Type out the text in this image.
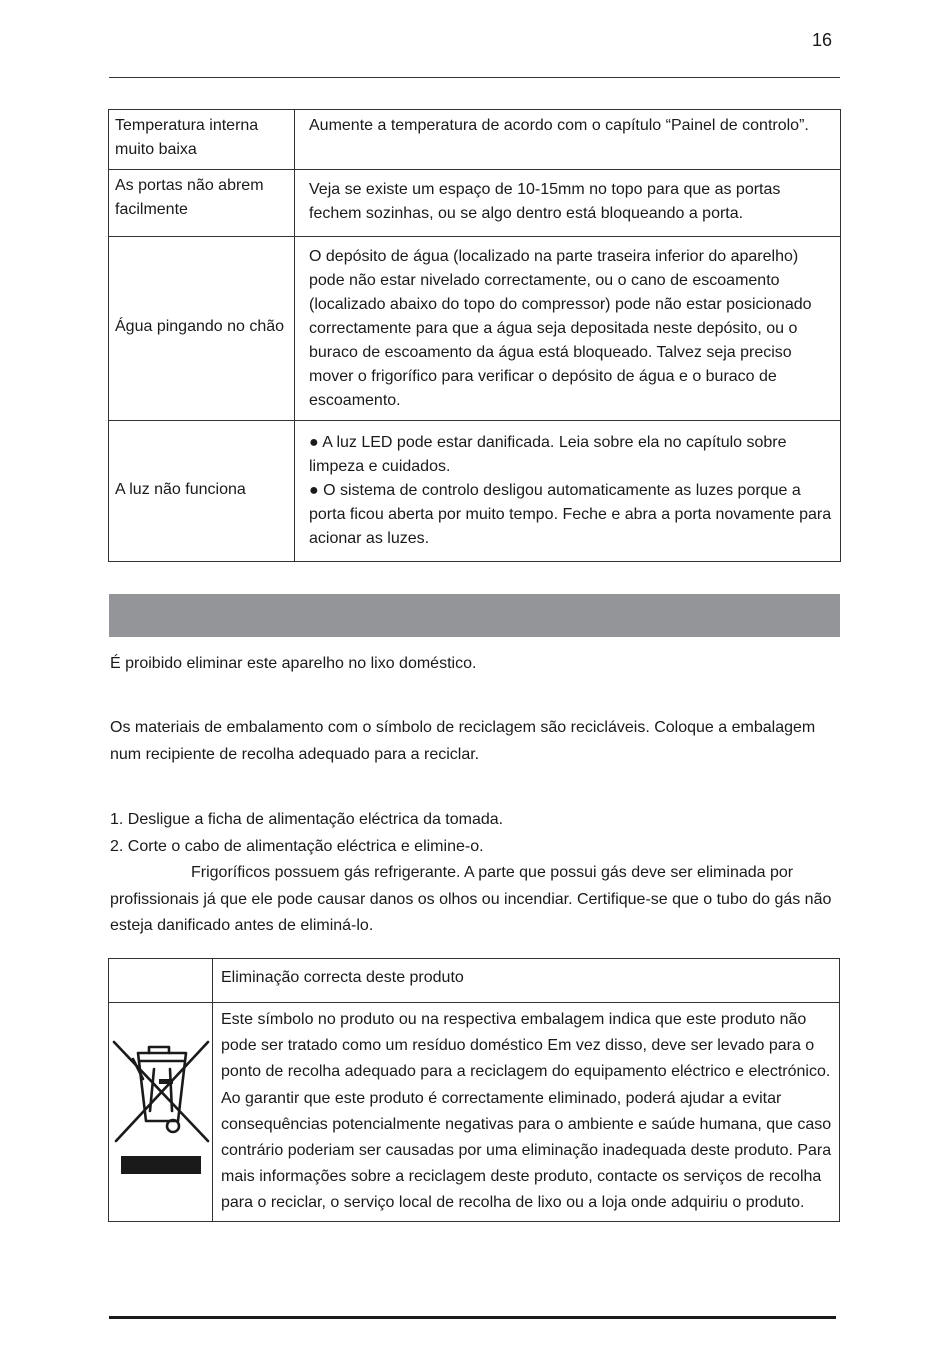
16
Temperatura interna muito baixa	Aumente a temperatura de acordo com o capítulo “Painel de controlo”.
As portas não abrem facilmente	Veja se existe um espaço de 10-15mm no topo para que as portas fechem sozinhas, ou se algo dentro está bloqueando a porta.
Água pingando no chão	O depósito de água (localizado na parte traseira inferior do aparelho) pode não estar nivelado correctamente, ou o cano de escoamento (localizado abaixo do topo do compressor) pode não estar posicionado correctamente para que a água seja depositada neste depósito, ou o buraco de escoamento da água está bloqueado. Talvez seja preciso mover o frigorífico para verificar o depósito de água e o buraco de escoamento.
A luz não funciona	● A luz LED pode estar danificada. Leia sobre ela no capítulo sobre limpeza e cuidados.
● O sistema de controlo desligou automaticamente as luzes porque a porta ficou aberta por muito tempo. Feche e abra a porta novamente para acionar as luzes.

É proibido eliminar este aparelho no lixo doméstico.

Os materiais de embalamento com o símbolo de reciclagem são recicláveis. Coloque a embalagem num recipiente de recolha adequado para a reciclar.

1. Desligue a ficha de alimentação eléctrica da tomada.
2. Corte o cabo de alimentação eléctrica e elimine-o.

Frigoríficos possuem gás refrigerante. A parte que possui gás deve ser eliminada por profissionais já que ele pode causar danos os olhos ou incendiar. Certifique-se que o tubo do gás não esteja danificado antes de eliminá-lo.

	Eliminação correcta deste produto
	Este símbolo no produto ou na respectiva embalagem indica que este produto não pode ser tratado como um resíduo doméstico Em vez disso, deve ser levado para o ponto de recolha adequado para a reciclagem do equipamento eléctrico e electrónico. Ao garantir que este produto é correctamente eliminado, poderá ajudar a evitar consequências potencialmente negativas para o ambiente e saúde humana, que caso contrário poderiam ser causadas por uma eliminação inadequada deste produto. Para mais informações sobre a reciclagem deste produto, contacte os serviços de recolha para o reciclar, o serviço local de recolha de lixo ou a loja onde adquiriu o produto.
